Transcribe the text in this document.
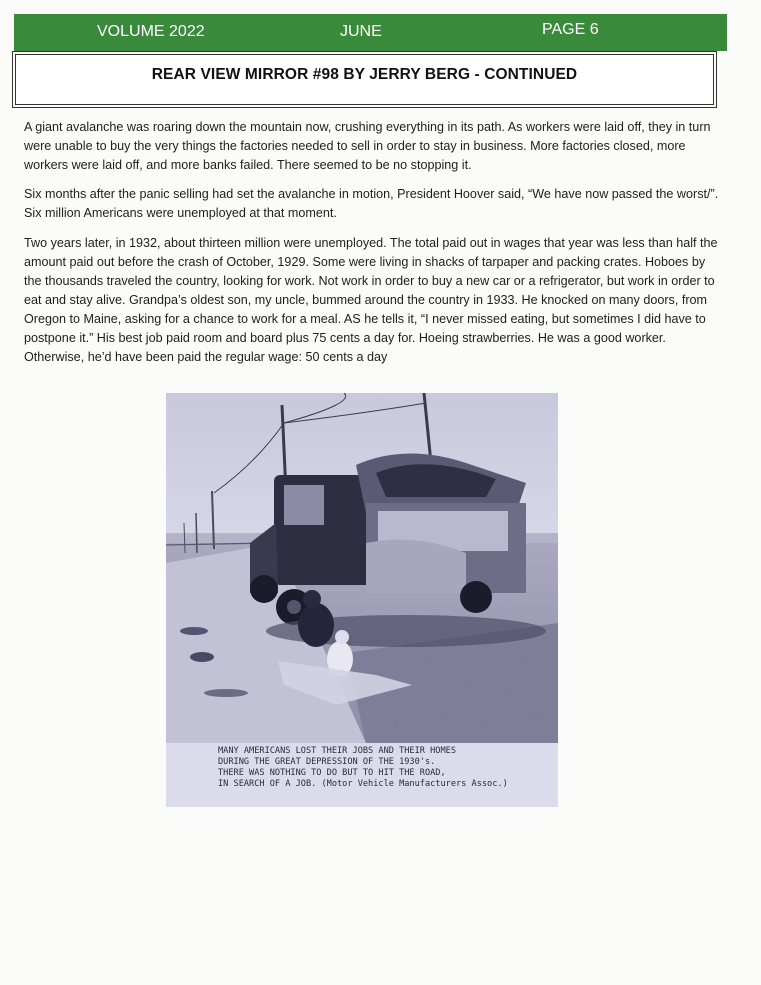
VOLUME 2022	JUNE	PAGE 6
REAR VIEW MIRROR #98 BY JERRY BERG - CONTINUED

A giant avalanche was roaring down the mountain now, crushing everything in its path. As workers were laid off, they in turn were unable to buy the very things the factories needed to sell in order to stay in business. More factories closed, more workers were laid off, and more banks failed. There seemed to be no stopping it.

Six months after the panic selling had set the avalanche in motion, President Hoover said, “We have now passed the worst/”. Six million Americans were unemployed at that moment.

Two years later, in 1932, about thirteen million were unemployed. The total paid out in wages that year was less than half the amount paid out before the crash of October, 1929. Some were living in shacks of tarpaper and packing crates. Hoboes by the thousands traveled the country, looking for work. Not work in order to buy a new car or a refrigerator, but work in order to eat and stay alive. Grandpa’s oldest son, my uncle, bummed around the country in 1933. He knocked on many doors, from Oregon to Maine, asking for a chance to work for a meal. AS he tells it, “I never missed eating, but sometimes I did have to postpone it.” His best job paid room and board plus 75 cents a day for. Hoeing strawberries. He was a good worker. Otherwise, he’d have been paid the regular wage: 50 cents a day

MANY AMERICANS LOST THEIR JOBS AND THEIR HOMES
DURING THE GREAT DEPRESSION OF THE 1930's.
THERE WAS NOTHING TO DO BUT TO HIT THE ROAD,
IN SEARCH OF A JOB. (Motor Vehicle Manufacturers Assoc.)
